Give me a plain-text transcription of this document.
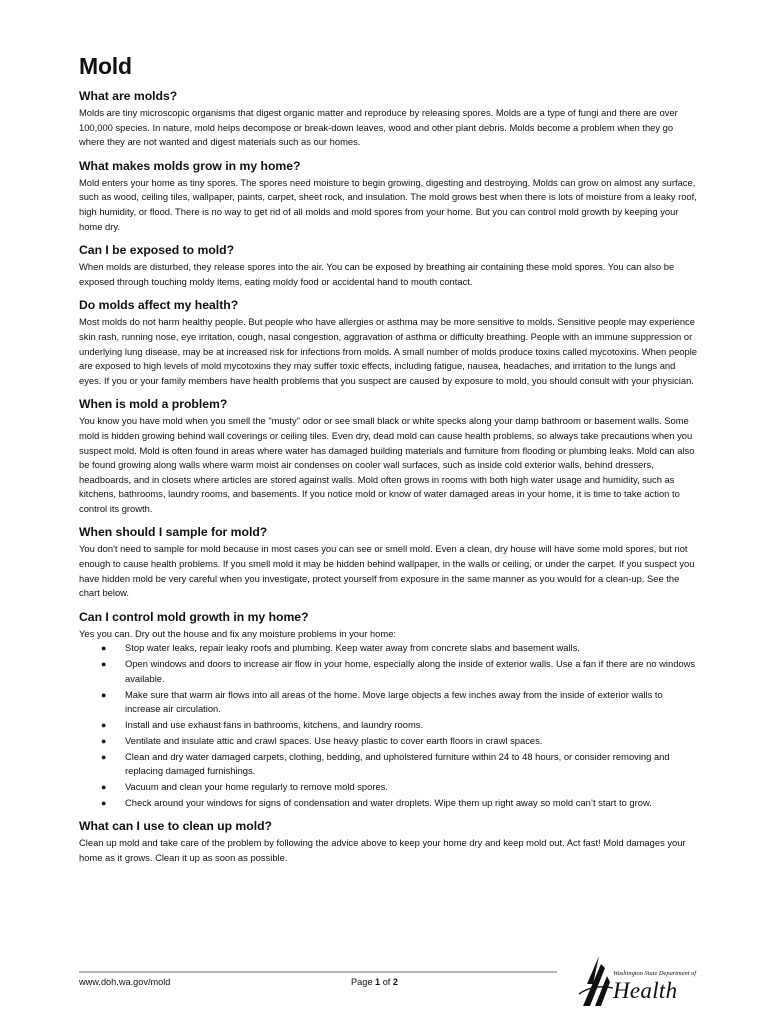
Mold
What are molds?

Molds are tiny microscopic organisms that digest organic matter and reproduce by releasing spores. Molds are a type of fungi and there are over 100,000 species. In nature, mold helps decompose or break-down leaves, wood and other plant debris. Molds become a problem when they go where they are not wanted and digest materials such as our homes.

What makes molds grow in my home?

Mold enters your home as tiny spores. The spores need moisture to begin growing, digesting and destroying. Molds can grow on almost any surface, such as wood, ceiling tiles, wallpaper, paints, carpet, sheet rock, and insulation. The mold grows best when there is lots of moisture from a leaky roof, high humidity, or flood. There is no way to get rid of all molds and mold spores from your home. But you can control mold growth by keeping your home dry.

Can I be exposed to mold?

When molds are disturbed, they release spores into the air. You can be exposed by breathing air containing these mold spores. You can also be exposed through touching moldy items, eating moldy food or accidental hand to mouth contact.

Do molds affect my health?

Most molds do not harm healthy people. But people who have allergies or asthma may be more sensitive to molds. Sensitive people may experience skin rash, running nose, eye irritation, cough, nasal congestion, aggravation of asthma or difficulty breathing. People with an immune suppression or underlying lung disease, may be at increased risk for infections from molds. A small number of molds produce toxins called mycotoxins. When people are exposed to high levels of mold mycotoxins they may suffer toxic effects, including fatigue, nausea, headaches, and irritation to the lungs and eyes. If you or your family members have health problems that you suspect are caused by exposure to mold, you should consult with your physician.

When is mold a problem?

You know you have mold when you smell the "musty" odor or see small black or white specks along your damp bathroom or basement walls. Some mold is hidden growing behind wall coverings or ceiling tiles. Even dry, dead mold can cause health problems, so always take precautions when you suspect mold. Mold is often found in areas where water has damaged building materials and furniture from flooding or plumbing leaks. Mold can also be found growing along walls where warm moist air condenses on cooler wall surfaces, such as inside cold exterior walls, behind dressers, headboards, and in closets where articles are stored against walls. Mold often grows in rooms with both high water usage and humidity, such as kitchens, bathrooms, laundry rooms, and basements. If you notice mold or know of water damaged areas in your home, it is time to take action to control its growth.

When should I sample for mold?

You don't need to sample for mold because in most cases you can see or smell mold. Even a clean, dry house will have some mold spores, but not enough to cause health problems. If you smell mold it may be hidden behind wallpaper, in the walls or ceiling, or under the carpet. If you suspect you have hidden mold be very careful when you investigate, protect yourself from exposure in the same manner as you would for a clean-up. See the chart below.

Can I control mold growth in my home?

Yes you can. Dry out the house and fix any moisture problems in your home:

● Stop water leaks, repair leaky roofs and plumbing. Keep water away from concrete slabs and basement walls.
● Open windows and doors to increase air flow in your home, especially along the inside of exterior walls. Use a fan if there are no windows available.
● Make sure that warm air flows into all areas of the home. Move large objects a few inches away from the inside of exterior walls to increase air circulation.
● Install and use exhaust fans in bathrooms, kitchens, and laundry rooms.
● Ventilate and insulate attic and crawl spaces. Use heavy plastic to cover earth floors in crawl spaces.
● Clean and dry water damaged carpets, clothing, bedding, and upholstered furniture within 24 to 48 hours, or consider removing and replacing damaged furnishings.
● Vacuum and clean your home regularly to remove mold spores.
● Check around your windows for signs of condensation and water droplets. Wipe them up right away so mold can’t start to grow.
What can I use to clean up mold?

Clean up mold and take care of the problem by following the advice above to keep your home dry and keep mold out. Act fast! Mold damages your home as it grows. Clean it up as soon as possible.

www.doh.wa.gov/mold	Page 1 of 2
Washington State Department of
Health
